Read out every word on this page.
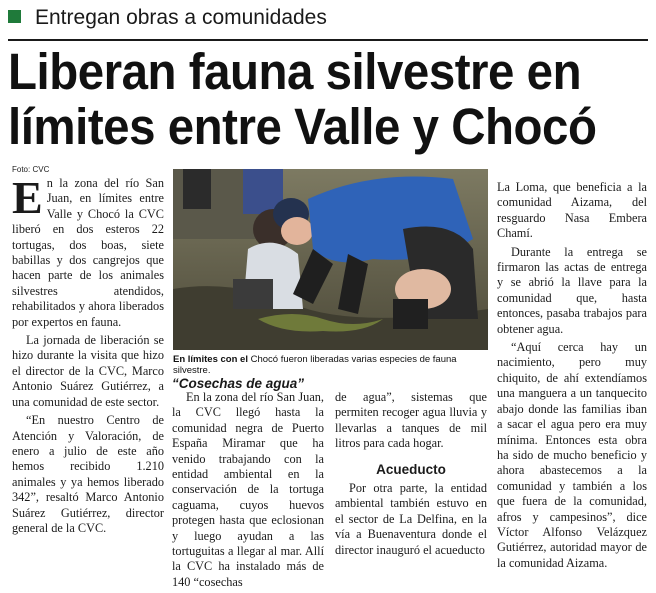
Entregan obras a comunidades
Liberan fauna silvestre en
límites entre Valle y Chocó
Foto: CVC

En la zona del río San Juan, en límites entre Valle y Chocó la CVC liberó en dos esteros 22 tortugas, dos boas, siete babillas y dos cangrejos que hacen parte de los animales silvestres atendidos, rehabilitados y ahora liberados por expertos en fauna.

La jornada de liberación se hizo durante la visita que hizo el director de la CVC, Marco Antonio Suárez Gutiérrez, a una comunidad de este sector.

“En nuestro Centro de Atención y Valoración, de enero a julio de este año hemos recibido 1.210 animales y ya hemos liberado 342”, resaltó Marco Antonio Suárez Gutiérrez, director general de la CVC.

En límites con el Chocó fueron liberadas varias especies de fauna silvestre.
“Cosechas de agua”

En la zona del río San Juan, la CVC llegó hasta la comunidad negra de Puerto España Miramar que ha venido trabajando con la entidad ambiental en la conservación de la tortuga caguama, cuyos huevos protegen hasta que eclosionan y luego ayudan a las tortuguitas a llegar al mar. Allí la CVC ha instalado más de 140 “cosechas

de agua”, sistemas que permiten recoger agua lluvia y llevarlas a tanques de mil litros para cada hogar.

Acueducto

Por otra parte, la entidad ambiental también estuvo en el sector de La Delfina, en la vía a Buenaventura donde el director inauguró el acueducto

La Loma, que beneficia a la comunidad Aizama, del resguardo Nasa Embera Chamí.

Durante la entrega se firmaron las actas de entrega y se abrió la llave para la comunidad que, hasta entonces, pasaba trabajos para obtener agua.

“Aquí cerca hay un nacimiento, pero muy chiquito, de ahí extendíamos una manguera a un tanquecito abajo donde las familias iban a sacar el agua pero era muy mínima. Entonces esta obra ha sido de mucho beneficio y ahora abastecemos a la comunidad y también a los que fuera de la comunidad, afros y campesinos”, dice Víctor Alfonso Velázquez Gutiérrez, autoridad mayor de la comunidad Aizama.
